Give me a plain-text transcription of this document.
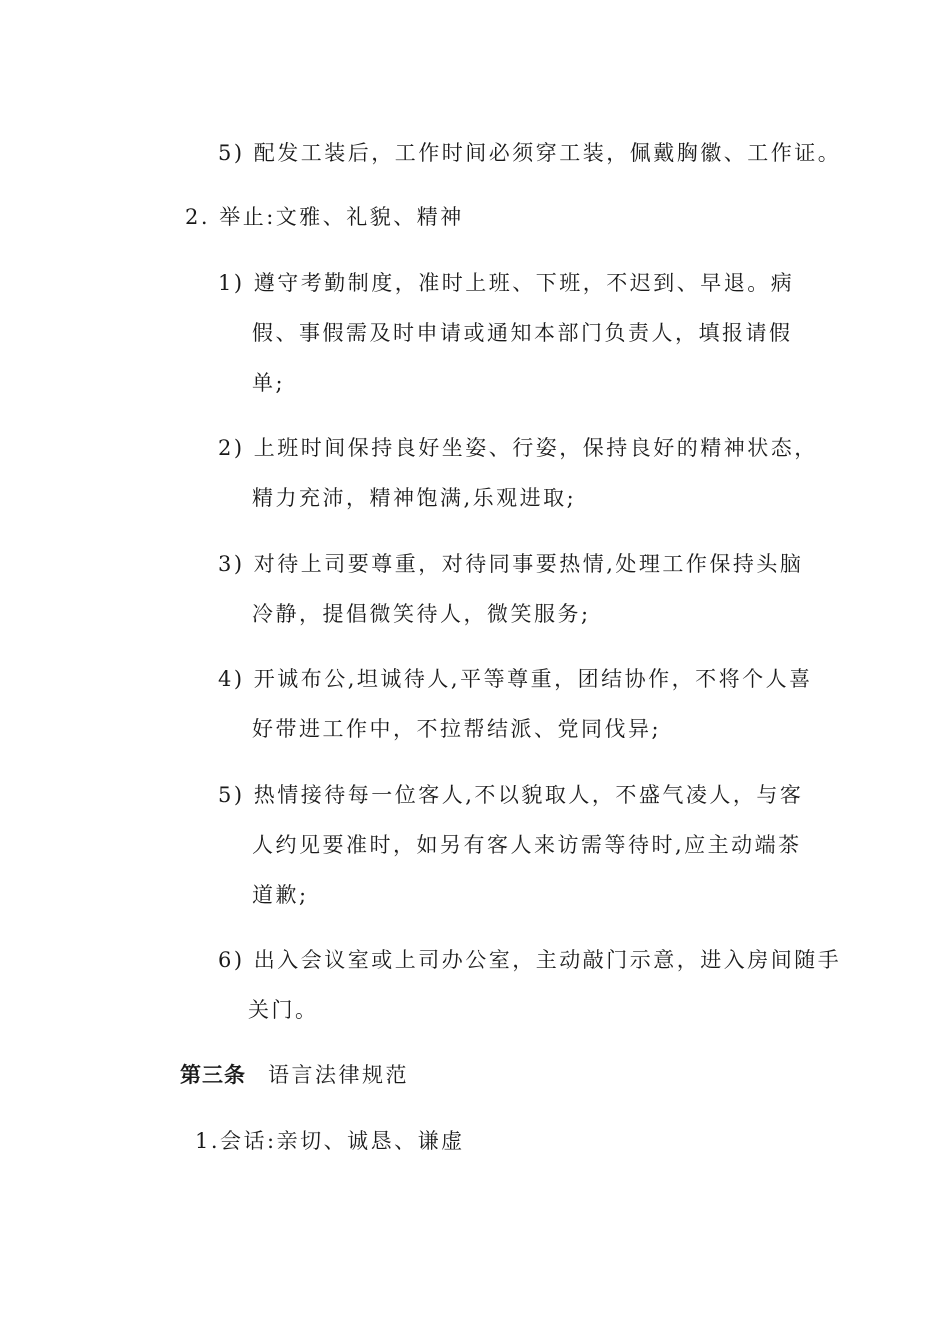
5) 配发工装后，工作时间必须穿工装，佩戴胸徽、工作证。
2. 举止:文雅、礼貌、精神
1) 遵守考勤制度，准时上班、下班，不迟到、早退。病
假、事假需及时申请或通知本部门负责人，填报请假
单;
2) 上班时间保持良好坐姿、行姿，保持良好的精神状态，
精力充沛，精神饱满,乐观进取;
3) 对待上司要尊重，对待同事要热情,处理工作保持头脑
冷静，提倡微笑待人，微笑服务;
4) 开诚布公,坦诚待人,平等尊重，团结协作，不将个人喜
好带进工作中，不拉帮结派、党同伐异;
5) 热情接待每一位客人,不以貌取人，不盛气凌人，与客
人约见要准时，如另有客人来访需等待时,应主动端茶
道歉;
6) 出入会议室或上司办公室，主动敲门示意，进入房间随手
关门。
第三条 语言法律规范
1.会话:亲切、诚恳、谦虚
